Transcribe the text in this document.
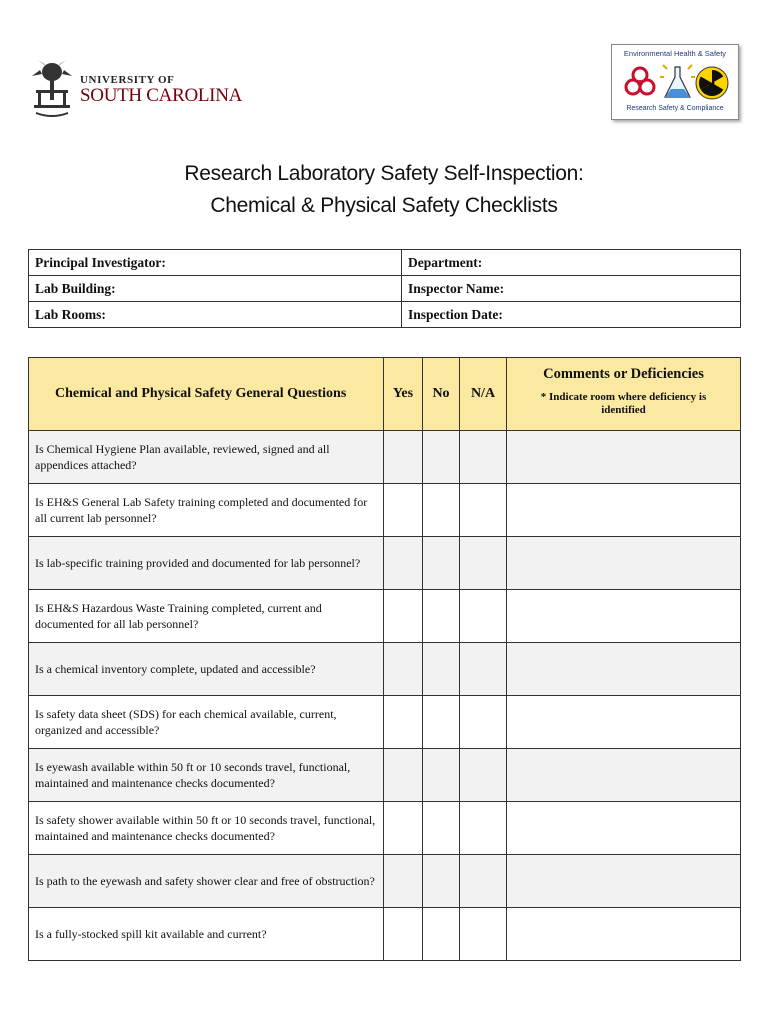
UNIVERSITY OF
SOUTH CAROLINA
Environmental Health & Safety
Research Safety & Compliance
Research Laboratory Safety Self-Inspection:
Chemical & Physical Safety Checklists
Principal Investigator:	Department:
Lab Building:	Inspector Name:
Lab Rooms:	Inspection Date:
Chemical and Physical Safety General Questions	Yes	No	N/A	Comments or Deficiencies
* Indicate room where deficiency is identified

Is Chemical Hygiene Plan available, reviewed, signed and all appendices attached?				
Is EH&S General Lab Safety training completed and documented for all current lab personnel?				
Is lab-specific training provided and documented for lab personnel?				
Is EH&S Hazardous Waste Training completed, current and documented for all lab personnel?				
Is a chemical inventory complete, updated and accessible?				
Is safety data sheet (SDS) for each chemical available, current, organized and accessible?				
Is eyewash available within 50 ft or 10 seconds travel, functional, maintained and maintenance checks documented?				
Is safety shower available within 50 ft or 10 seconds travel, functional, maintained and maintenance checks documented?				
Is path to the eyewash and safety shower clear and free of obstruction?				
Is a fully-stocked spill kit available and current?				
